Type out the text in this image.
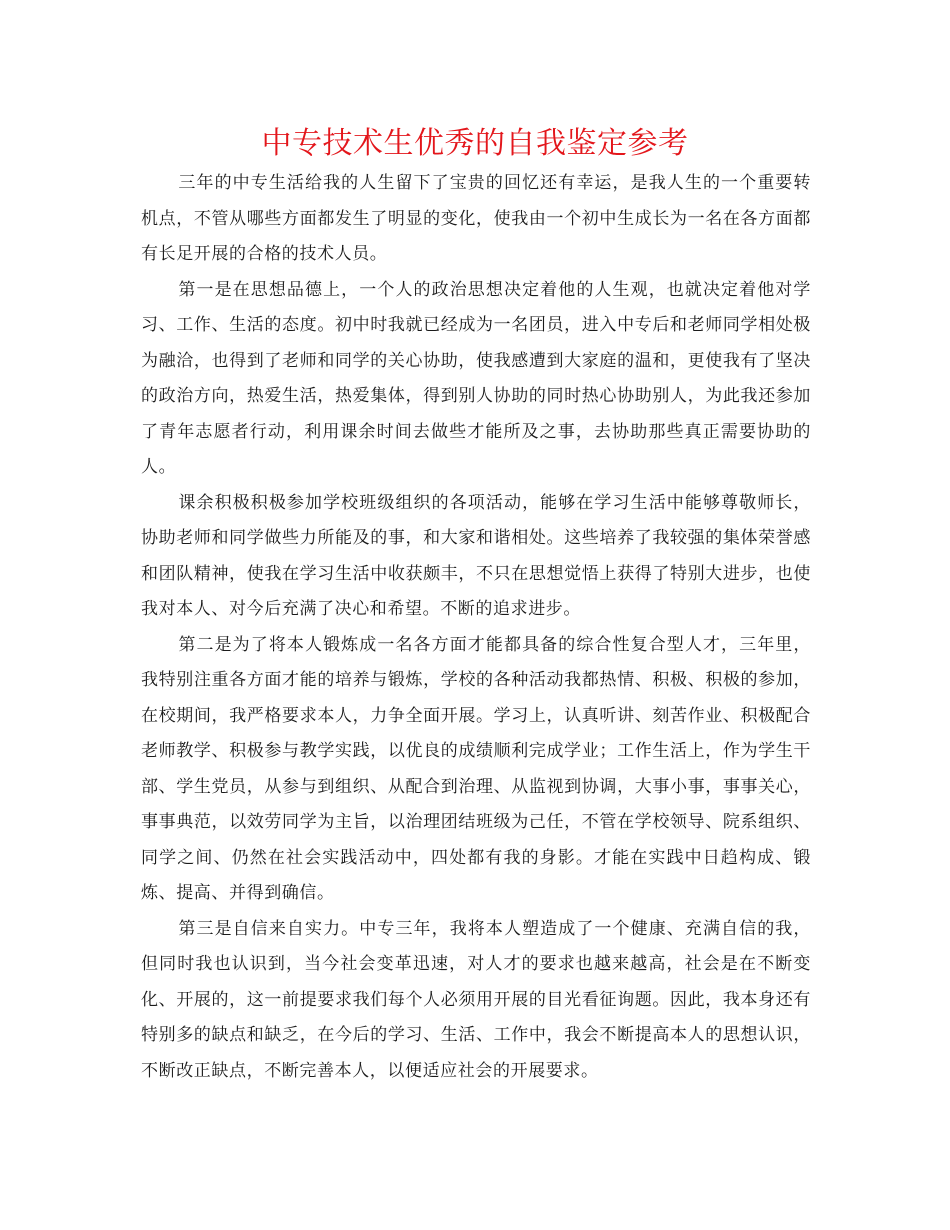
中专技术生优秀的自我鉴定参考

三年的中专生活给我的人生留下了宝贵的回忆还有幸运，是我人生的一个重要转机点，不管从哪些方面都发生了明显的变化，使我由一个初中生成长为一名在各方面都有长足开展的合格的技术人员。

第一是在思想品德上，一个人的政治思想决定着他的人生观，也就决定着他对学习、工作、生活的态度。初中时我就已经成为一名团员，进入中专后和老师同学相处极为融洽，也得到了老师和同学的关心协助，使我感遭到大家庭的温和，更使我有了坚决的政治方向，热爱生活，热爱集体，得到别人协助的同时热心协助别人，为此我还参加了青年志愿者行动，利用课余时间去做些才能所及之事，去协助那些真正需要协助的人。

课余积极积极参加学校班级组织的各项活动，能够在学习生活中能够尊敬师长，协助老师和同学做些力所能及的事，和大家和谐相处。这些培养了我较强的集体荣誉感和团队精神，使我在学习生活中收获颇丰，不只在思想觉悟上获得了特别大进步，也使我对本人、对今后充满了决心和希望。不断的追求进步。

第二是为了将本人锻炼成一名各方面才能都具备的综合性复合型人才，三年里，我特别注重各方面才能的培养与锻炼，学校的各种活动我都热情、积极、积极的参加，在校期间，我严格要求本人，力争全面开展。学习上，认真听讲、刻苦作业、积极配合老师教学、积极参与教学实践，以优良的成绩顺利完成学业；工作生活上，作为学生干部、学生党员，从参与到组织、从配合到治理、从监视到协调，大事小事，事事关心，事事典范，以效劳同学为主旨，以治理团结班级为己任，不管在学校领导、院系组织、同学之间、仍然在社会实践活动中，四处都有我的身影。才能在实践中日趋构成、锻炼、提高、并得到确信。

第三是自信来自实力。中专三年，我将本人塑造成了一个健康、充满自信的我，但同时我也认识到，当今社会变革迅速，对人才的要求也越来越高，社会是在不断变化、开展的，这一前提要求我们每个人必须用开展的目光看征询题。因此，我本身还有特别多的缺点和缺乏，在今后的学习、生活、工作中，我会不断提高本人的思想认识，不断改正缺点，不断完善本人，以便适应社会的开展要求。
